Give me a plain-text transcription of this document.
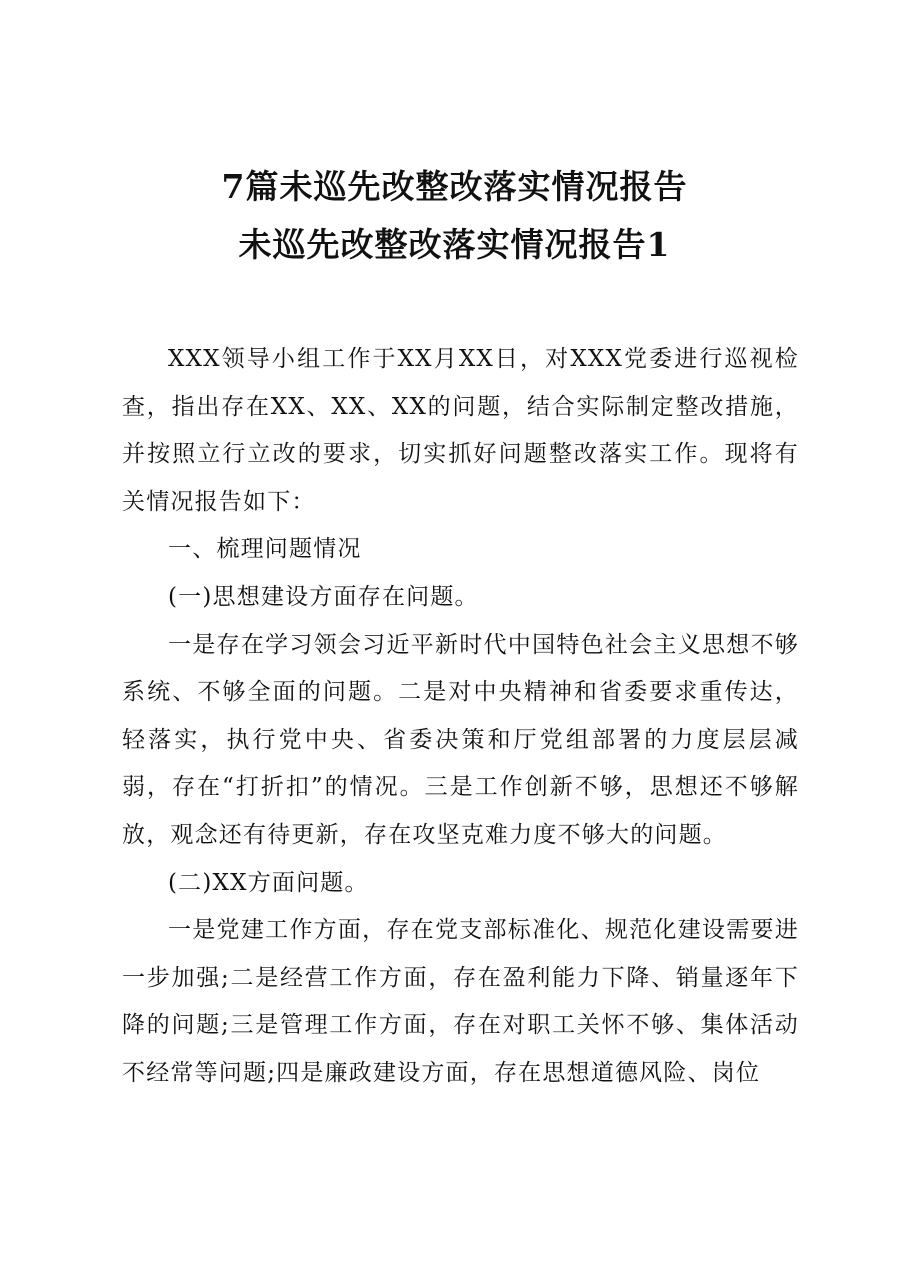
7篇未巡先改整改落实情况报告
未巡先改整改落实情况报告1

XXX领导小组工作于XX月XX日，对XXX党委进行巡视检查，指出存在XX、XX、XX的问题，结合实际制定整改措施，并按照立行立改的要求，切实抓好问题整改落实工作。现将有关情况报告如下：

一、梳理问题情况

(一)思想建设方面存在问题。

一是存在学习领会习近平新时代中国特色社会主义思想不够系统、不够全面的问题。二是对中央精神和省委要求重传达，轻落实，执行党中央、省委决策和厅党组部署的力度层层减弱，存在“打折扣”的情况。三是工作创新不够，思想还不够解放，观念还有待更新，存在攻坚克难力度不够大的问题。

(二)XX方面问题。

一是党建工作方面，存在党支部标准化、规范化建设需要进一步加强;二是经营工作方面，存在盈利能力下降、销量逐年下降的问题;三是管理工作方面，存在对职工关怀不够、集体活动不经常等问题;四是廉政建设方面，存在思想道德风险、岗位
